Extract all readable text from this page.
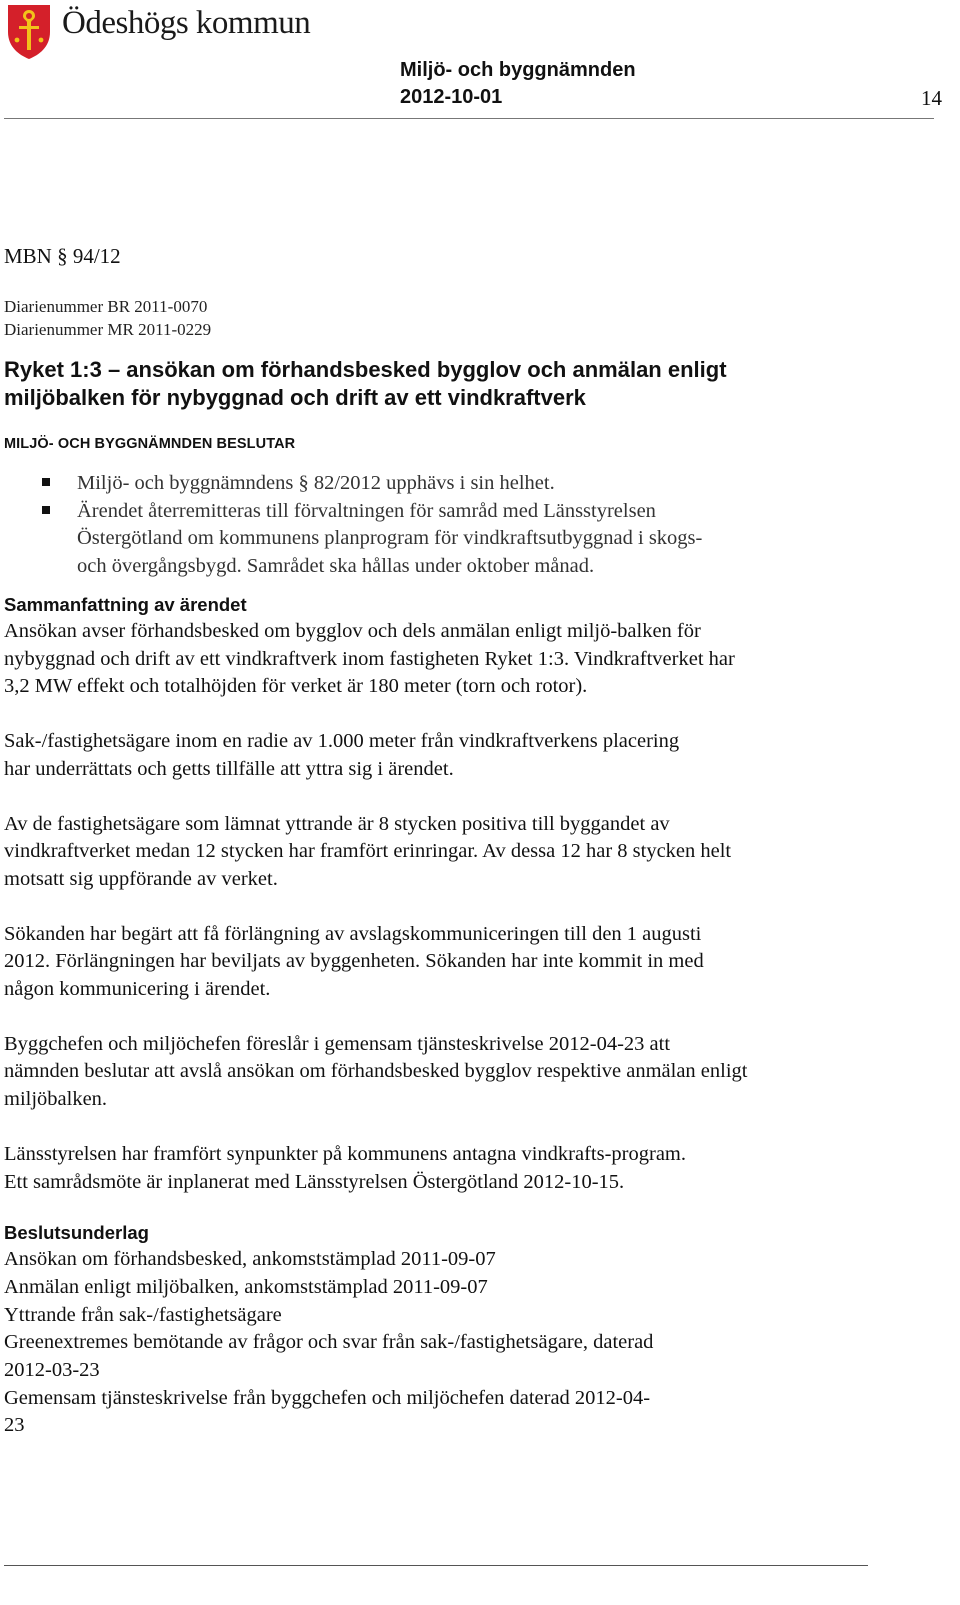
Ödeshögs kommun
Miljö- och byggnämnden
2012-10-01	14

MBN § 94/12

Diarienummer BR 2011-0070

Diarienummer MR 2011-0229

Ryket 1:3 – ansökan om förhandsbesked bygglov och anmälan enligt miljöbalken för nybyggnad och drift av ett vindkraftverk

MILJÖ- OCH BYGGNÄMNDEN BESLUTAR

Miljö- och byggnämndens § 82/2012 upphävs i sin helhet.
Ärendet återremitteras till förvaltningen för samråd med Länsstyrelsen Östergötland om kommunens planprogram för vindkraftsutbyggnad i skogs- och övergångsbygd. Samrådet ska hållas under oktober månad.

Sammanfattning av ärendet

Ansökan avser förhandsbesked om bygglov och dels anmälan enligt miljö-balken för nybyggnad och drift av ett vindkraftverk inom fastigheten Ryket 1:3. Vindkraftverket har 3,2 MW effekt och totalhöjden för verket är 180 meter (torn och rotor).

Sak-/fastighetsägare inom en radie av 1.000 meter från vindkraftverkens placering har underrättats och getts tillfälle att yttra sig i ärendet.

Av de fastighetsägare som lämnat yttrande är 8 stycken positiva till byggandet av vindkraftverket medan 12 stycken har framfört erinringar. Av dessa 12 har 8 stycken helt motsatt sig uppförande av verket.

Sökanden har begärt att få förlängning av avslagskommuniceringen till den 1 augusti 2012. Förlängningen har beviljats av byggenheten. Sökanden har inte kommit in med någon kommunicering i ärendet.

Byggchefen och miljöchefen föreslår i gemensam tjänsteskrivelse 2012-04-23 att nämnden beslutar att avslå ansökan om förhandsbesked bygglov respektive anmälan enligt miljöbalken.

Länsstyrelsen har framfört synpunkter på kommunens antagna vindkrafts-program. Ett samrådsmöte är inplanerat med Länsstyrelsen Östergötland 2012-10-15.

Beslutsunderlag

Ansökan om förhandsbesked, ankomststämplad 2011-09-07

Anmälan enligt miljöbalken, ankomststämplad 2011-09-07

Yttrande från sak-/fastighetsägare

Greenextremes bemötande av frågor och svar från sak-/fastighetsägare, daterad 2012-03-23

Gemensam tjänsteskrivelse från byggchefen och miljöchefen daterad 2012-04-23
